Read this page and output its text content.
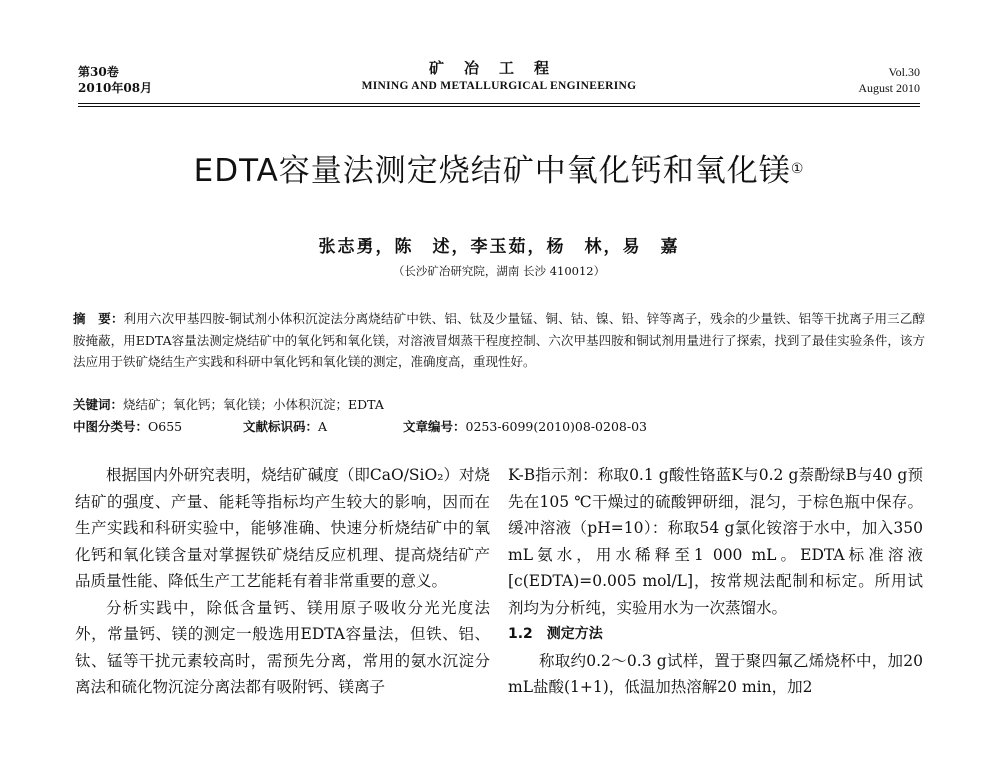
第30卷
2010年08月
矿冶工程
MINING AND METALLURGICAL ENGINEERING
Vol.30
August 2010
EDTA容量法测定烧结矿中氧化钙和氧化镁①
张志勇，陈　述，李玉茹，杨　林，易　嘉
（长沙矿冶研究院，湖南 长沙 410012）
摘　要：利用六次甲基四胺-铜试剂小体积沉淀法分离烧结矿中铁、铝、钛及少量锰、铜、钴、镍、铅、锌等离子，残余的少量铁、铝等干扰离子用三乙醇胺掩蔽，用EDTA容量法测定烧结矿中的氧化钙和氧化镁，对溶液冒烟蒸干程度控制、六次甲基四胺和铜试剂用量进行了探索，找到了最佳实验条件，该方法应用于铁矿烧结生产实践和科研中氧化钙和氧化镁的测定，准确度高，重现性好。
关键词：烧结矿；氧化钙；氧化镁；小体积沉淀；EDTA
中图分类号：O655	文献标识码：A	文章编号：0253-6099(2010)08-0208-03

根据国内外研究表明，烧结矿碱度（即CaO/SiO₂）对烧结矿的强度、产量、能耗等指标均产生较大的影响，因而在生产实践和科研实验中，能够准确、快速分析烧结矿中的氧化钙和氧化镁含量对掌握铁矿烧结反应机理、提高烧结矿产品质量性能、降低生产工艺能耗有着非常重要的意义。

分析实践中，除低含量钙、镁用原子吸收分光光度法外，常量钙、镁的测定一般选用EDTA容量法，但铁、铝、钛、锰等干扰元素较高时，需预先分离，常用的氨水沉淀分离法和硫化物沉淀分离法都有吸附钙、镁离子

K-B指示剂：称取0.1 g酸性铬蓝K与0.2 g萘酚绿B与40 g预先在105 ℃干燥过的硫酸钾研细，混匀，于棕色瓶中保存。缓冲溶液（pH=10）：称取54 g氯化铵溶于水中，加入350 mL氨水，用水稀释至1 000 mL。EDTA标准溶液[c(EDTA)=0.005 mol/L]，按常规法配制和标定。所用试剂均为分析纯，实验用水为一次蒸馏水。

1.2　测定方法

称取约0.2～0.3 g试样，置于聚四氟乙烯烧杯中，加20 mL盐酸(1+1)，低温加热溶解20 min，加2
